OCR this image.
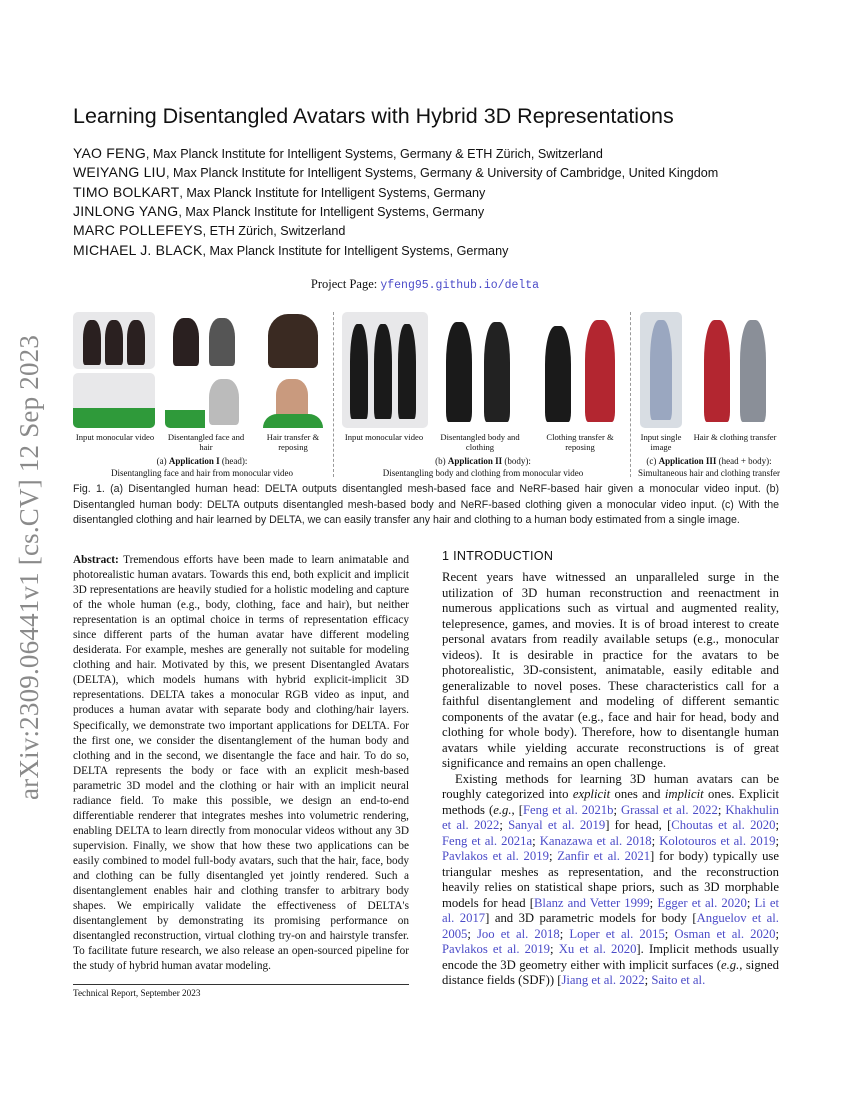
arXiv:2309.06441v1 [cs.CV] 12 Sep 2023
Learning Disentangled Avatars with Hybrid 3D Representations
YAO FENG, Max Planck Institute for Intelligent Systems, Germany & ETH Zürich, Switzerland
WEIYANG LIU, Max Planck Institute for Intelligent Systems, Germany & University of Cambridge, United Kingdom
TIMO BOLKART, Max Planck Institute for Intelligent Systems, Germany
JINLONG YANG, Max Planck Institute for Intelligent Systems, Germany
MARC POLLEFEYS, ETH Zürich, Switzerland
MICHAEL J. BLACK, Max Planck Institute for Intelligent Systems, Germany
Project Page: yfeng95.github.io/delta
Input monocular video	Disentangled face and hair
Hair transfer & reposing
Input monocular video	Disentangled body and clothing
Clothing transfer & reposing
Input single image
Hair & clothing transfer
(a) Application I (head):
Disentangling face and hair from monocular video
(b) Application II (body):
Disentangling body and clothing from monocular video
(c) Application III (head + body):
Simultaneous hair and clothing transfer
Fig. 1. (a) Disentangled human head: DELTA outputs disentangled mesh-based face and NeRF-based hair given a monocular video input. (b) Disentangled human body: DELTA outputs disentangled mesh-based body and NeRF-based clothing given a monocular video input. (c) With the disentangled clothing and hair learned by DELTA, we can easily transfer any hair and clothing to a human body estimated from a single image.
Abstract: Tremendous efforts have been made to learn animatable and photorealistic human avatars. Towards this end, both explicit and implicit 3D representations are heavily studied for a holistic modeling and capture of the whole human (e.g., body, clothing, face and hair), but neither representation is an optimal choice in terms of representation efficacy since different parts of the human avatar have different modeling desiderata. For example, meshes are generally not suitable for modeling clothing and hair. Motivated by this, we present Disentangled Avatars (DELTA), which models humans with hybrid explicit-implicit 3D representations. DELTA takes a monocular RGB video as input, and produces a human avatar with separate body and clothing/hair layers. Specifically, we demonstrate two important applications for DELTA. For the first one, we consider the disentanglement of the human body and clothing and in the second, we disentangle the face and hair. To do so, DELTA represents the body or face with an explicit mesh-based parametric 3D model and the clothing or hair with an implicit neural radiance field. To make this possible, we design an end-to-end differentiable renderer that integrates meshes into volumetric rendering, enabling DELTA to learn directly from monocular videos without any 3D supervision. Finally, we show that how these two applications can be easily combined to model full-body avatars, such that the hair, face, body and clothing can be fully disentangled yet jointly rendered. Such a disentanglement enables hair and clothing transfer to arbitrary body shapes. We empirically validate the effectiveness of DELTA's disentanglement by demonstrating its promising performance on disentangled reconstruction, virtual clothing try-on and hairstyle transfer. To facilitate future research, we also release an open-sourced pipeline for the study of hybrid human avatar modeling.
Technical Report, September 2023
1 INTRODUCTION

Recent years have witnessed an unparalleled surge in the utilization of 3D human reconstruction and reenactment in numerous applications such as virtual and augmented reality, telepresence, games, and movies. It is of broad interest to create personal avatars from readily available setups (e.g., monocular videos). It is desirable in practice for the avatars to be photorealistic, 3D-consistent, animatable, easily editable and generalizable to novel poses. These characteristics call for a faithful disentanglement and modeling of different semantic components of the avatar (e.g., face and hair for head, body and clothing for whole body). Therefore, how to disentangle human avatars while yielding accurate reconstructions is of great significance and remains an open challenge.

Existing methods for learning 3D human avatars can be roughly categorized into explicit ones and implicit ones. Explicit methods (e.g., [Feng et al. 2021b; Grassal et al. 2022; Khakhulin et al. 2022; Sanyal et al. 2019] for head, [Choutas et al. 2020; Feng et al. 2021a; Kanazawa et al. 2018; Kolotouros et al. 2019; Pavlakos et al. 2019; Zanfir et al. 2021] for body) typically use triangular meshes as representation, and the reconstruction heavily relies on statistical shape priors, such as 3D morphable models for head [Blanz and Vetter 1999; Egger et al. 2020; Li et al. 2017] and 3D parametric models for body [Anguelov et al. 2005; Joo et al. 2018; Loper et al. 2015; Osman et al. 2020; Pavlakos et al. 2019; Xu et al. 2020]. Implicit methods usually encode the 3D geometry either with implicit surfaces (e.g., signed distance fields (SDF)) [Jiang et al. 2022; Saito et al.
